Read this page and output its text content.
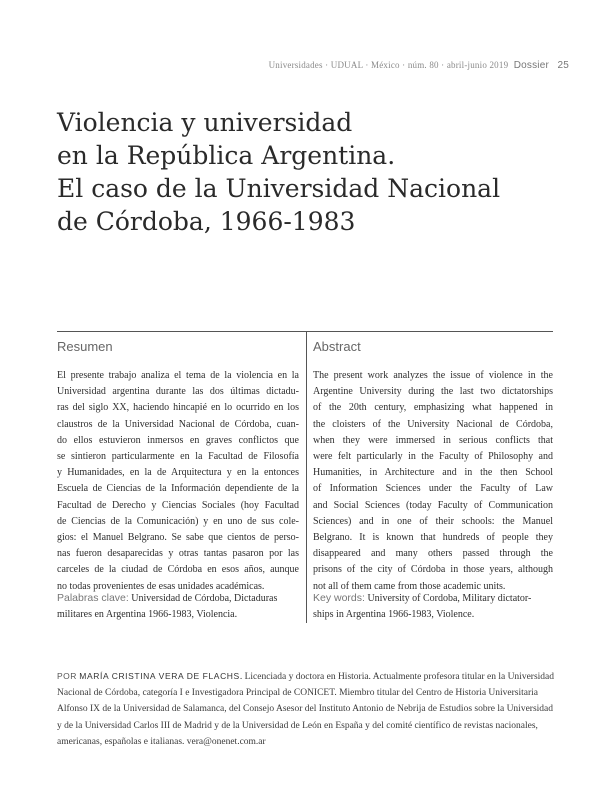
Universidades · UDUAL · México · núm. 80 · abril-junio 2019 Dossier 25
Violencia y universidad
en la República Argentina.
El caso de la Universidad Nacional
de Córdoba, 1966-1983
Resumen

El presente trabajo analiza el tema de la violencia en la
Universidad argentina durante las dos últimas dictadu-
ras del siglo XX, haciendo hincapié en lo ocurrido en los
claustros de la Universidad Nacional de Córdoba, cuan-
do ellos estuvieron inmersos en graves conflictos que
se sintieron particularmente en la Facultad de Filosofía
y Humanidades, en la de Arquitectura y en la entonces
Escuela de Ciencias de la Información dependiente de la
Facultad de Derecho y Ciencias Sociales (hoy Facultad
de Ciencias de la Comunicación) y en uno de sus cole-
gios: el Manuel Belgrano. Se sabe que cientos de perso-
nas fueron desaparecidas y otras tantas pasaron por las
carceles de la ciudad de Córdoba en esos años, aunque
no todas provenientes de esas unidades académicas.

Palabras clave: Universidad de Córdoba, Dictaduras
militares en Argentina 1966-1983, Violencia.
Abstract

The present work analyzes the issue of violence in the
Argentine University during the last two dictatorships
of the 20th century, emphasizing what happened in
the cloisters of the University Nacional de Córdoba,
when they were immersed in serious conflicts that
were felt particularly in the Faculty of Philosophy and
Humanities, in Architecture and in the then School
of Information Sciences under the Faculty of Law
and Social Sciences (today Faculty of Communication
Sciences) and in one of their schools: the Manuel
Belgrano. It is known that hundreds of people they
disappeared and many others passed through the
prisons of the city of Córdoba in those years, although
not all of them came from those academic units.

Key words: University of Cordoba, Military dictator-
ships in Argentina 1966-1983, Violence.
POR MARÍA CRISTINA VERA DE FLACHS. Licenciada y doctora en Historia. Actualmente profesora titular en la Universidad
Nacional de Córdoba, categoría I e Investigadora Principal de CONICET. Miembro titular del Centro de Historia Universitaria
Alfonso IX de la Universidad de Salamanca, del Consejo Asesor del Instituto Antonio de Nebrija de Estudios sobre la Universidad
y de la Universidad Carlos III de Madrid y de la Universidad de León en España y del comité científico de revistas nacionales,
americanas, españolas e italianas. vera@onenet.com.ar
